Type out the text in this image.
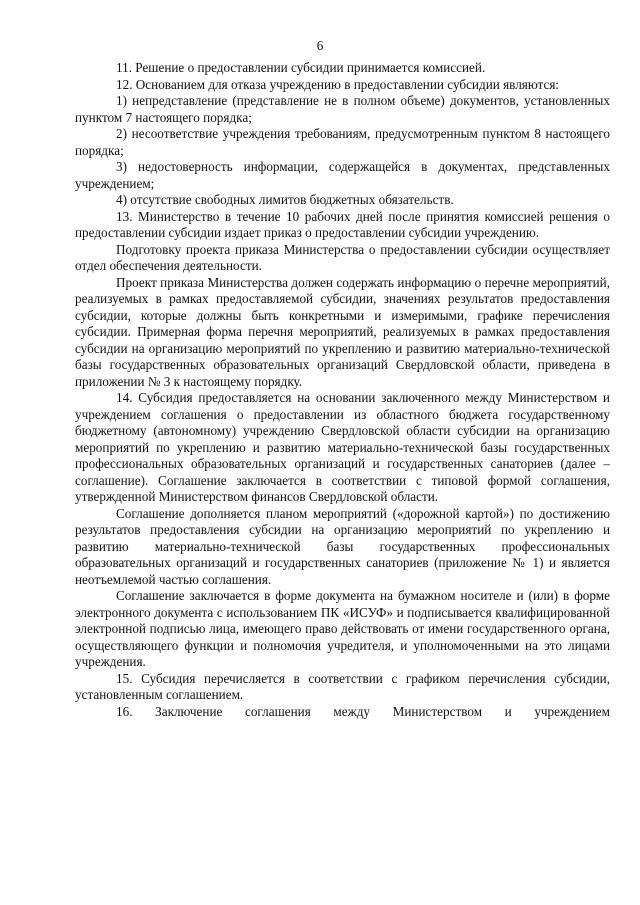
6

11. Решение о предоставлении субсидии принимается комиссией.

12. Основанием для отказа учреждению в предоставлении субсидии являются:

1) непредставление (представление не в полном объеме) документов, установленных пунктом 7 настоящего порядка;

2) несоответствие учреждения требованиям, предусмотренным пунктом 8 настоящего порядка;

3) недостоверность информации, содержащейся в документах, представленных учреждением;

4) отсутствие свободных лимитов бюджетных обязательств.

13. Министерство в течение 10 рабочих дней после принятия комиссией решения о предоставлении субсидии издает приказ о предоставлении субсидии учреждению.

Подготовку проекта приказа Министерства о предоставлении субсидии осуществляет отдел обеспечения деятельности.

Проект приказа Министерства должен содержать информацию о перечне мероприятий, реализуемых в рамках предоставляемой субсидии, значениях результатов предоставления субсидии, которые должны быть конкретными и измеримыми, графике перечисления субсидии. Примерная форма перечня мероприятий, реализуемых в рамках предоставления субсидии на организацию мероприятий по укреплению и развитию материально-технической базы государственных образовательных организаций Свердловской области, приведена в приложении № 3 к настоящему порядку.

14. Субсидия предоставляется на основании заключенного между Министерством и учреждением соглашения о предоставлении из областного бюджета государственному бюджетному (автономному) учреждению Свердловской области субсидии на организацию мероприятий по укреплению и развитию материально-технической базы государственных профессиональных образовательных организаций и государственных санаториев (далее – соглашение). Соглашение заключается в соответствии с типовой формой соглашения, утвержденной Министерством финансов Свердловской области.

Соглашение дополняется планом мероприятий («дорожной картой») по достижению результатов предоставления субсидии на организацию мероприятий по укреплению и развитию материально-технической базы государственных профессиональных образовательных организаций и государственных санаториев (приложение № 1) и является неотъемлемой частью соглашения.

Соглашение заключается в форме документа на бумажном носителе и (или) в форме электронного документа с использованием ПК «ИСУФ» и подписывается квалифицированной электронной подписью лица, имеющего право действовать от имени государственного органа, осуществляющего функции и полномочия учредителя, и уполномоченными на это лицами учреждения.

15. Субсидия перечисляется в соответствии с графиком перечисления субсидии, установленным соглашением.

16. Заключение соглашения между Министерством и учреждением
